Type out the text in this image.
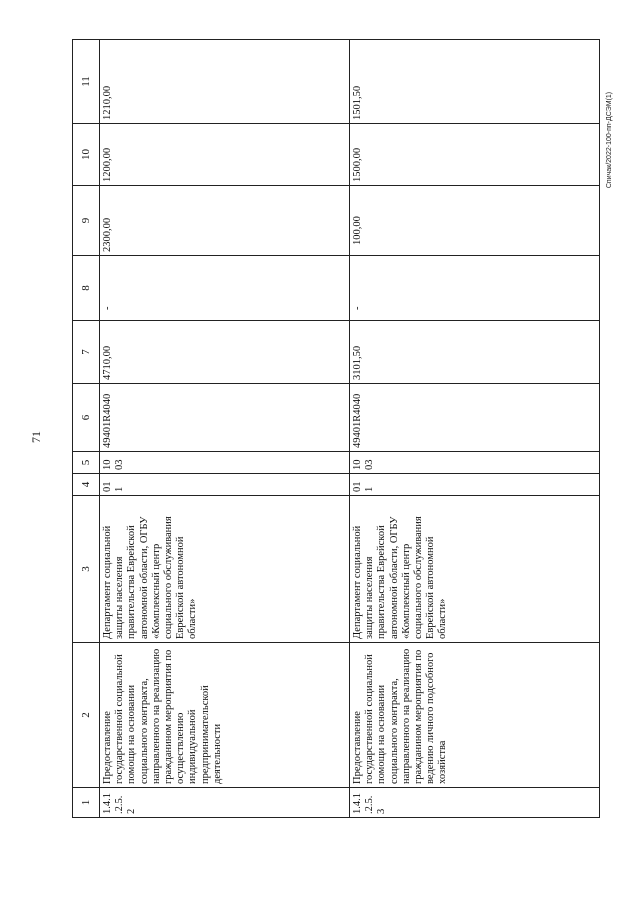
71
Спичак/2022-100-пп-ДСЭМ(1)
1	2	3	4	5	6	7	8	9	10	11
1.4.1.2.5.2	Предоставление государственной социальной помощи на основании социального контракта, направленного на реализацию гражданином мероприятия по осуществлению индивидуальной предпринимательской деятельности	Департамент социальной защиты населения правительства Еврейской автономной области, ОГБУ «Комплексный центр социального обслуживания Еврейской автономной области»	011	1003	49401R4040	4710,00	-	2300,00	1200,00	1210,00
1.4.1.2.5.3	Предоставление государственной социальной помощи на основании социального контракта, направленного на реализацию гражданином мероприятия по ведению личного подсобного хозяйства	Департамент социальной защиты населения правительства Еврейской автономной области, ОГБУ «Комплексный центр социального обслуживания Еврейской автономной области»	011	1003	49401R4040	3101,50	-	100,00	1500,00	1501,50
